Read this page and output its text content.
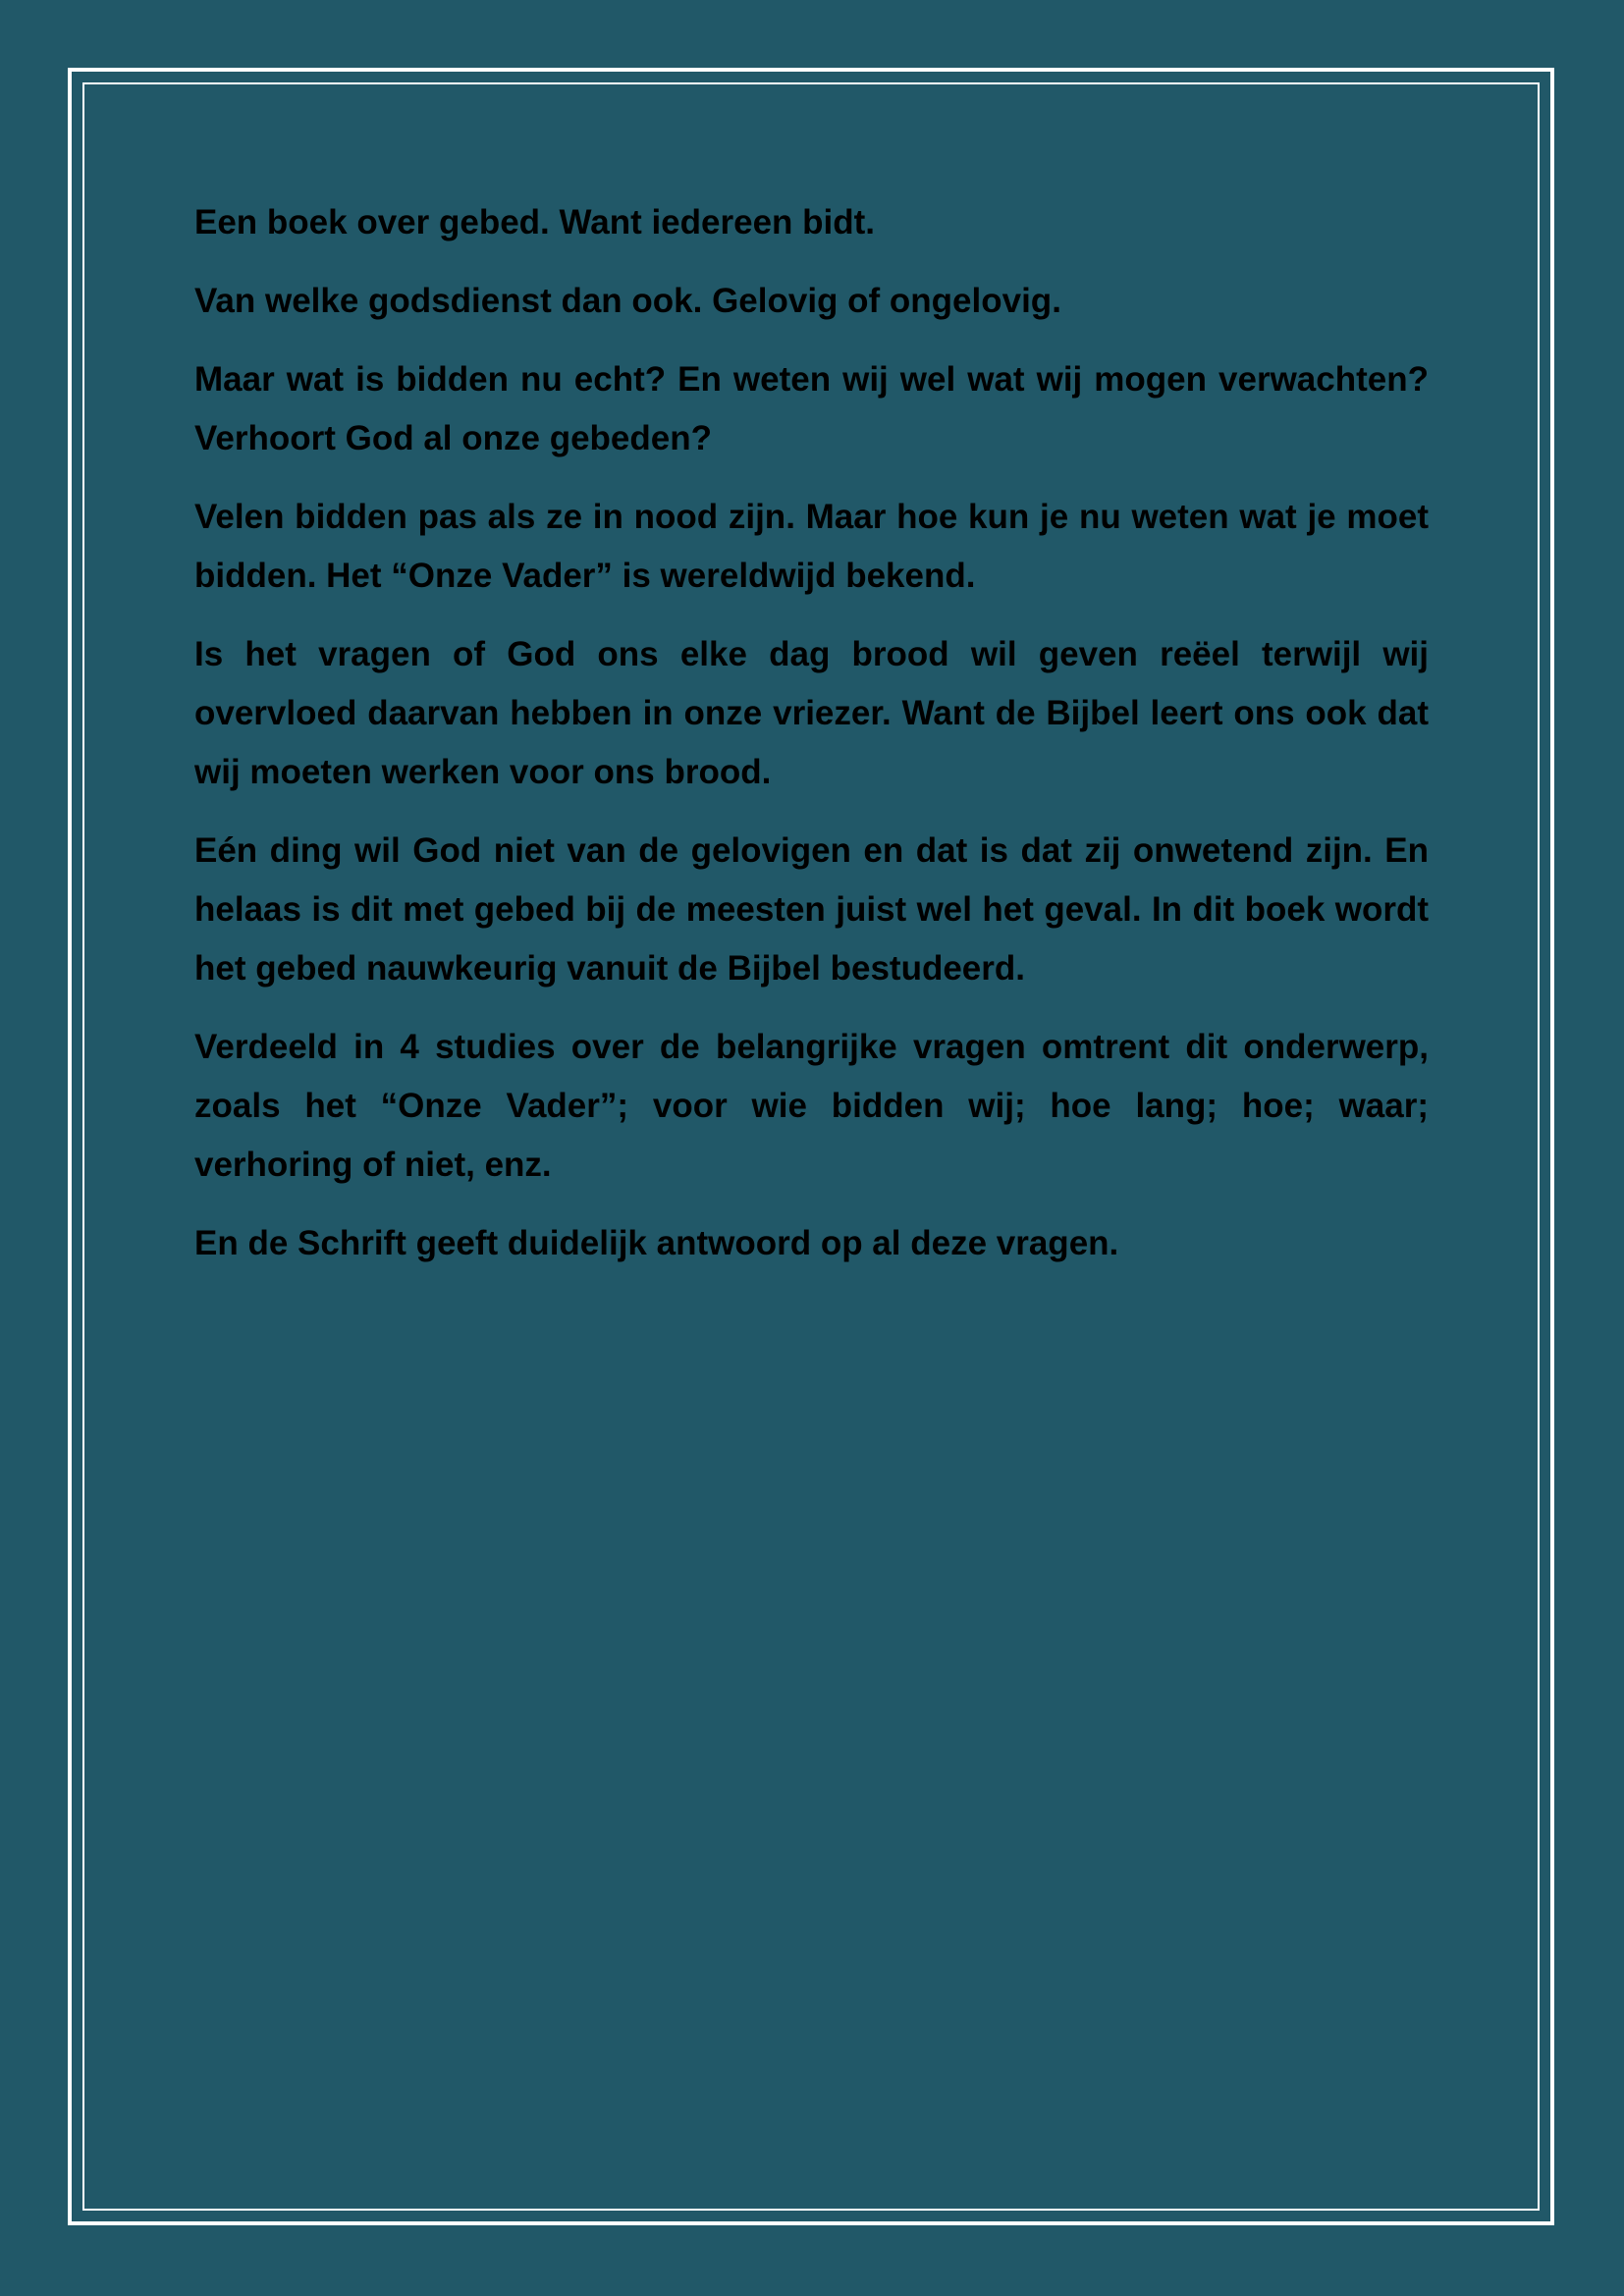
Een boek over gebed. Want iedereen bidt.

Van welke godsdienst dan ook. Gelovig of ongelovig.

Maar wat is bidden nu echt? En weten wij wel wat wij mogen verwachten? Verhoort God al onze gebeden?

Velen bidden pas als ze in nood zijn. Maar hoe kun je nu weten wat je moet bidden. Het “Onze Vader” is wereldwijd bekend.

Is het vragen of God ons elke dag brood wil geven reëel terwijl wij overvloed daarvan hebben in onze vriezer. Want de Bijbel leert ons ook dat wij moeten werken voor ons brood.

Eén ding wil God niet van de gelovigen en dat is dat zij onwetend zijn. En helaas is dit met gebed bij de meesten juist wel het geval. In dit boek wordt het gebed nauwkeurig vanuit de Bijbel bestudeerd.

Verdeeld in 4 studies over de belangrijke vragen omtrent dit onderwerp, zoals het “Onze Vader”; voor wie bidden wij; hoe lang; hoe; waar; verhoring of niet, enz.

En de Schrift geeft duidelijk antwoord op al deze vragen.
